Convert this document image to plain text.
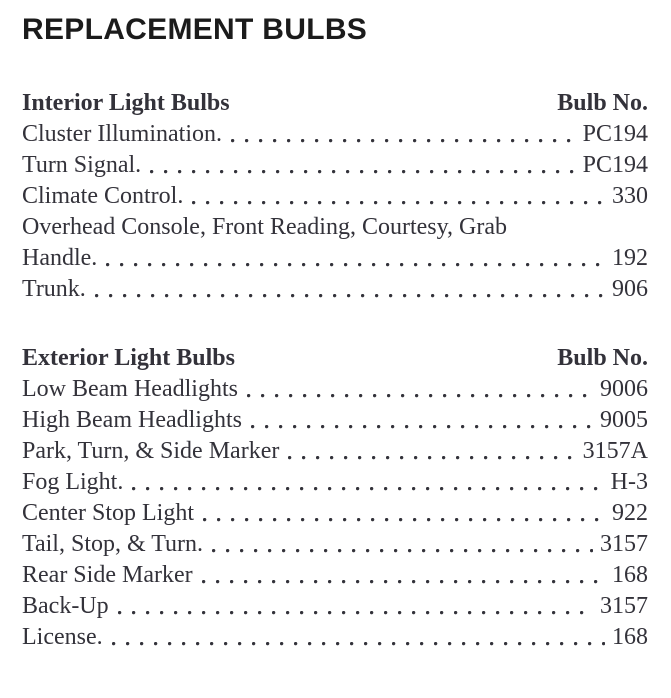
REPLACEMENT BULBS
Interior Light Bulbs	Bulb No.
Cluster Illumination.	PC194
Turn Signal.	PC194
Climate Control.	330
Overhead Console, Front Reading, Courtesy, Grab
Handle.	192
Trunk.	906
Exterior Light Bulbs	Bulb No.
Low Beam Headlights	9006
High Beam Headlights	9005
Park, Turn, & Side Marker	3157A
Fog Light.	H-3
Center Stop Light	922
Tail, Stop, & Turn.	3157
Rear Side Marker	168
Back-Up	3157
License.	168
